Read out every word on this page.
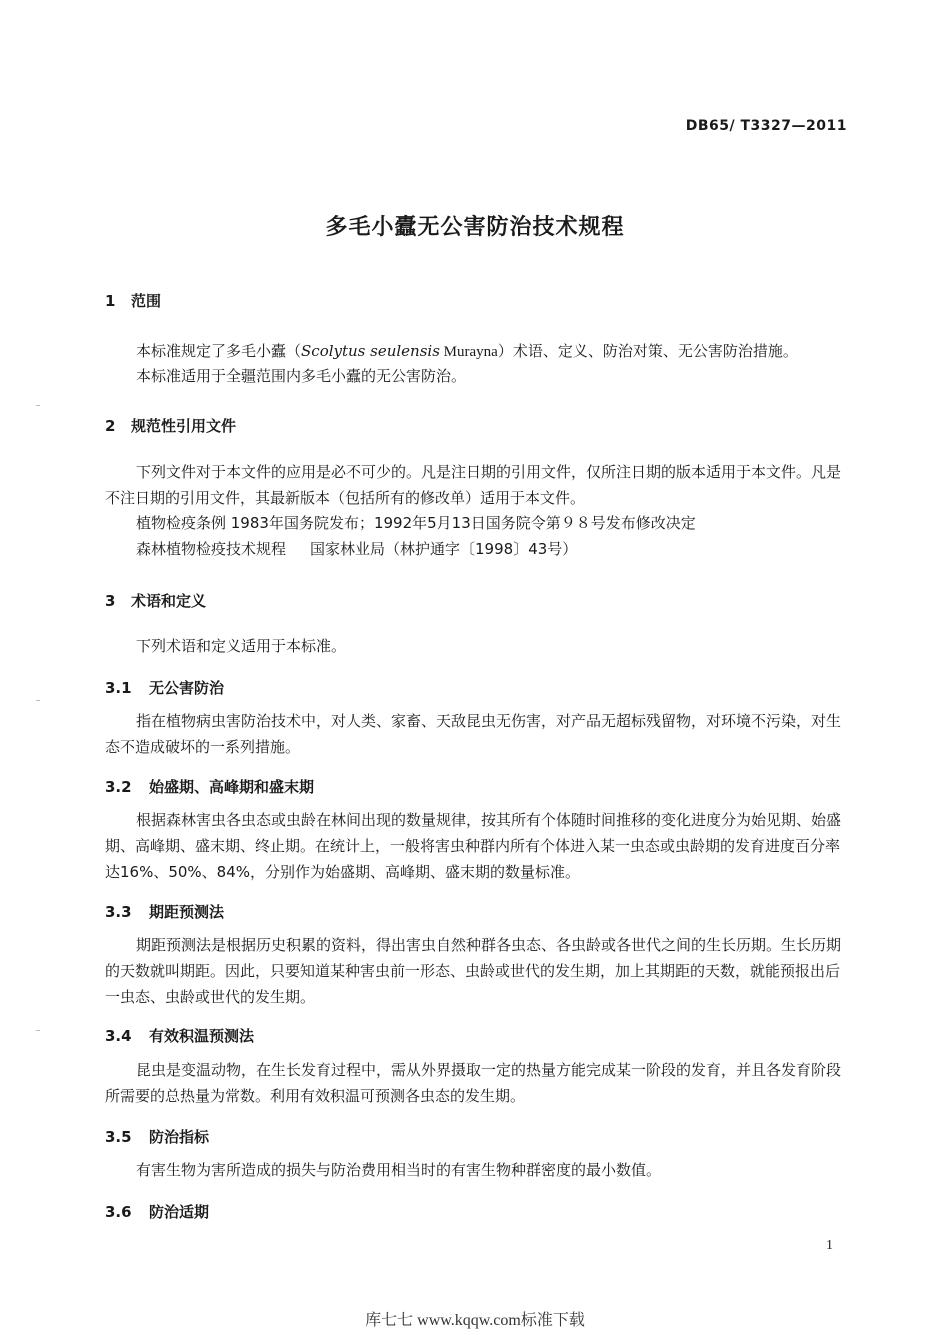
DB65/ T3327—2011
多毛小蠹无公害防治技术规程
1 范围
本标准规定了多毛小蠹（Scolytus seulensis Murayna）术语、定义、防治对策、无公害防治措施。
本标准适用于全疆范围内多毛小蠹的无公害防治。
2 规范性引用文件
下列文件对于本文件的应用是必不可少的。凡是注日期的引用文件，仅所注日期的版本适用于本文件。凡是不注日期的引用文件，其最新版本（包括所有的修改单）适用于本文件。
植物检疫条例 1983年国务院发布；1992年5月13日国务院令第９８号发布修改决定
森林植物检疫技术规程 国家林业局（林护通字〔1998〕43号）
3 术语和定义
下列术语和定义适用于本标准。
3.1 无公害防治
指在植物病虫害防治技术中，对人类、家畜、天敌昆虫无伤害，对产品无超标残留物，对环境不污染，对生态不造成破坏的一系列措施。
3.2 始盛期、高峰期和盛末期
根据森林害虫各虫态或虫龄在林间出现的数量规律，按其所有个体随时间推移的变化进度分为始见期、始盛期、高峰期、盛末期、终止期。在统计上，一般将害虫种群内所有个体进入某一虫态或虫龄期的发育进度百分率达16%、50%、84%，分别作为始盛期、高峰期、盛末期的数量标准。
3.3 期距预测法
期距预测法是根据历史积累的资料，得出害虫自然种群各虫态、各虫龄或各世代之间的生长历期。生长历期的天数就叫期距。因此，只要知道某种害虫前一形态、虫龄或世代的发生期，加上其期距的天数，就能预报出后一虫态、虫龄或世代的发生期。
3.4 有效积温预测法
昆虫是变温动物，在生长发育过程中，需从外界摄取一定的热量方能完成某一阶段的发育，并且各发育阶段所需要的总热量为常数。利用有效积温可预测各虫态的发生期。
3.5 防治指标
有害生物为害所造成的损失与防治费用相当时的有害生物种群密度的最小数值。
3.6 防治适期
1
库七七 www.kqqw.com标准下载
